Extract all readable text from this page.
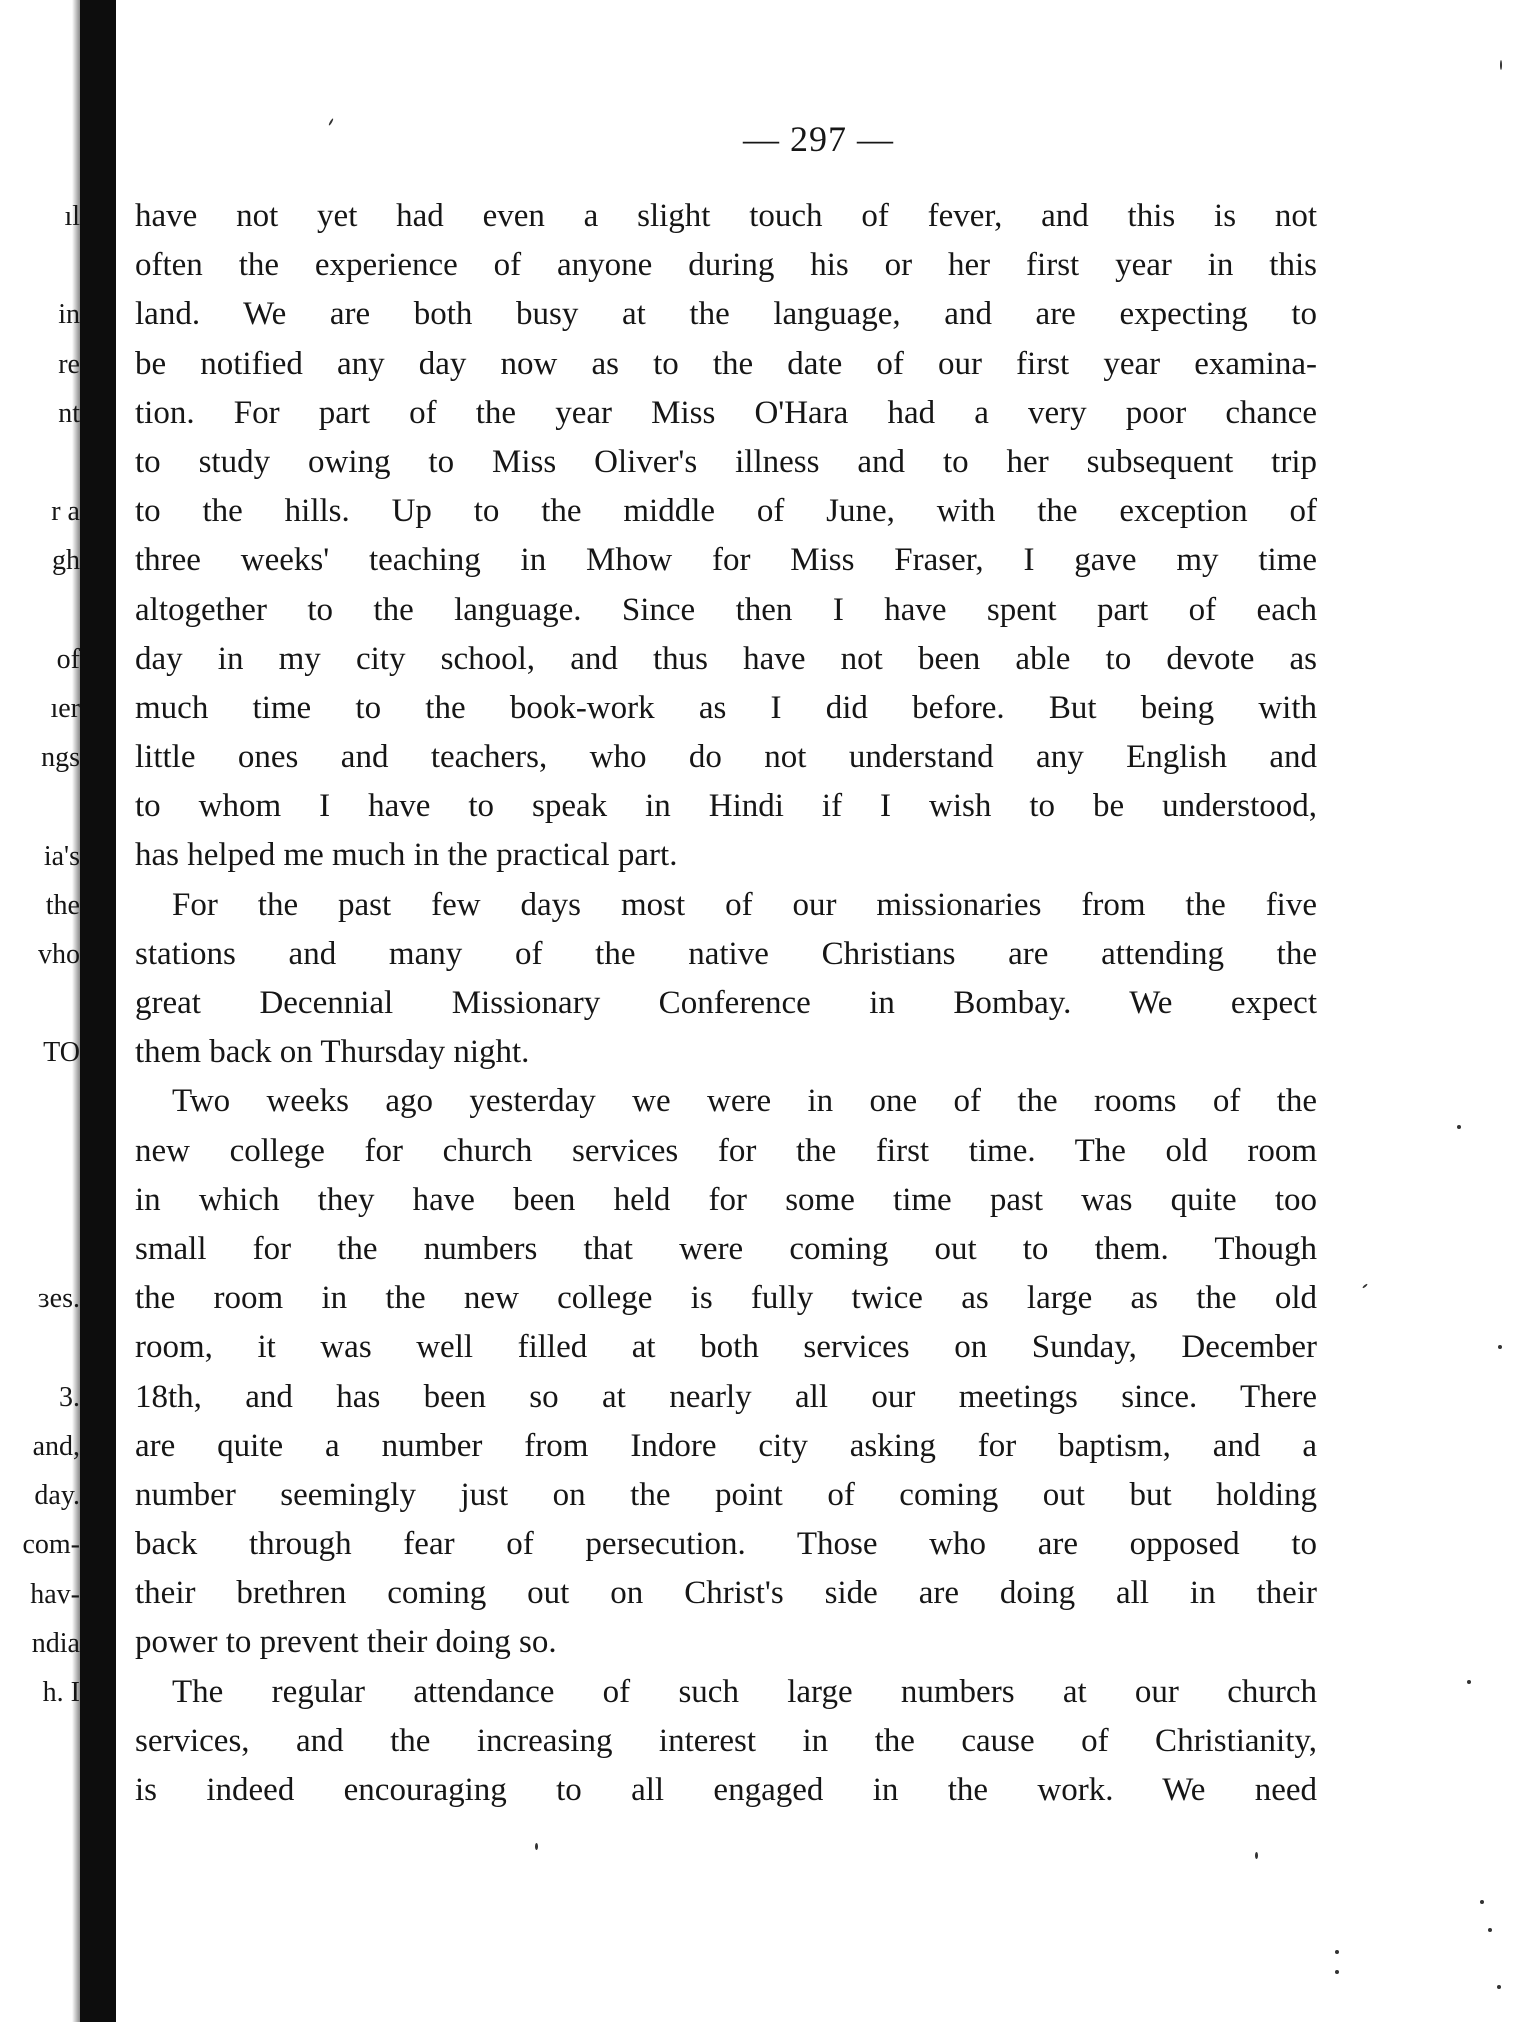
— 297 —
ıl
in
re
nt
r a
gh
of
ıer
ngs
ia's
the
vho
TO
ɜes.
3.
and,
day.
com-
hav-
ndia
h. I
have not yet had even a slight touch of fever, and this is not
often the experience of anyone during his or her first year in this
land. We are both busy at the language, and are expecting to
be notified any day now as to the date of our first year examina-
tion. For part of the year Miss O'Hara had a very poor chance
to study owing to Miss Oliver's illness and to her subsequent trip
to the hills. Up to the middle of June, with the exception of
three weeks' teaching in Mhow for Miss Fraser, I gave my time
altogether to the language. Since then I have spent part of each
day in my city school, and thus have not been able to devote as
much time to the book-work as I did before. But being with
little ones and teachers, who do not understand any English and
to whom I have to speak in Hindi if I wish to be understood,
has helped me much in the practical part.
For the past few days most of our missionaries from the five
stations and many of the native Christians are attending the
great Decennial Missionary Conference in Bombay. We expect
them back on Thursday night.
Two weeks ago yesterday we were in one of the rooms of the
new college for church services for the first time. The old room
in which they have been held for some time past was quite too
small for the numbers that were coming out to them. Though
the room in the new college is fully twice as large as the old
room, it was well filled at both services on Sunday, December
18th, and has been so at nearly all our meetings since. There
are quite a number from Indore city asking for baptism, and a
number seemingly just on the point of coming out but holding
back through fear of persecution. Those who are opposed to
their brethren coming out on Christ's side are doing all in their
power to prevent their doing so.
The regular attendance of such large numbers at our church
services, and the increasing interest in the cause of Christianity,
is indeed encouraging to all engaged in the work. We need
